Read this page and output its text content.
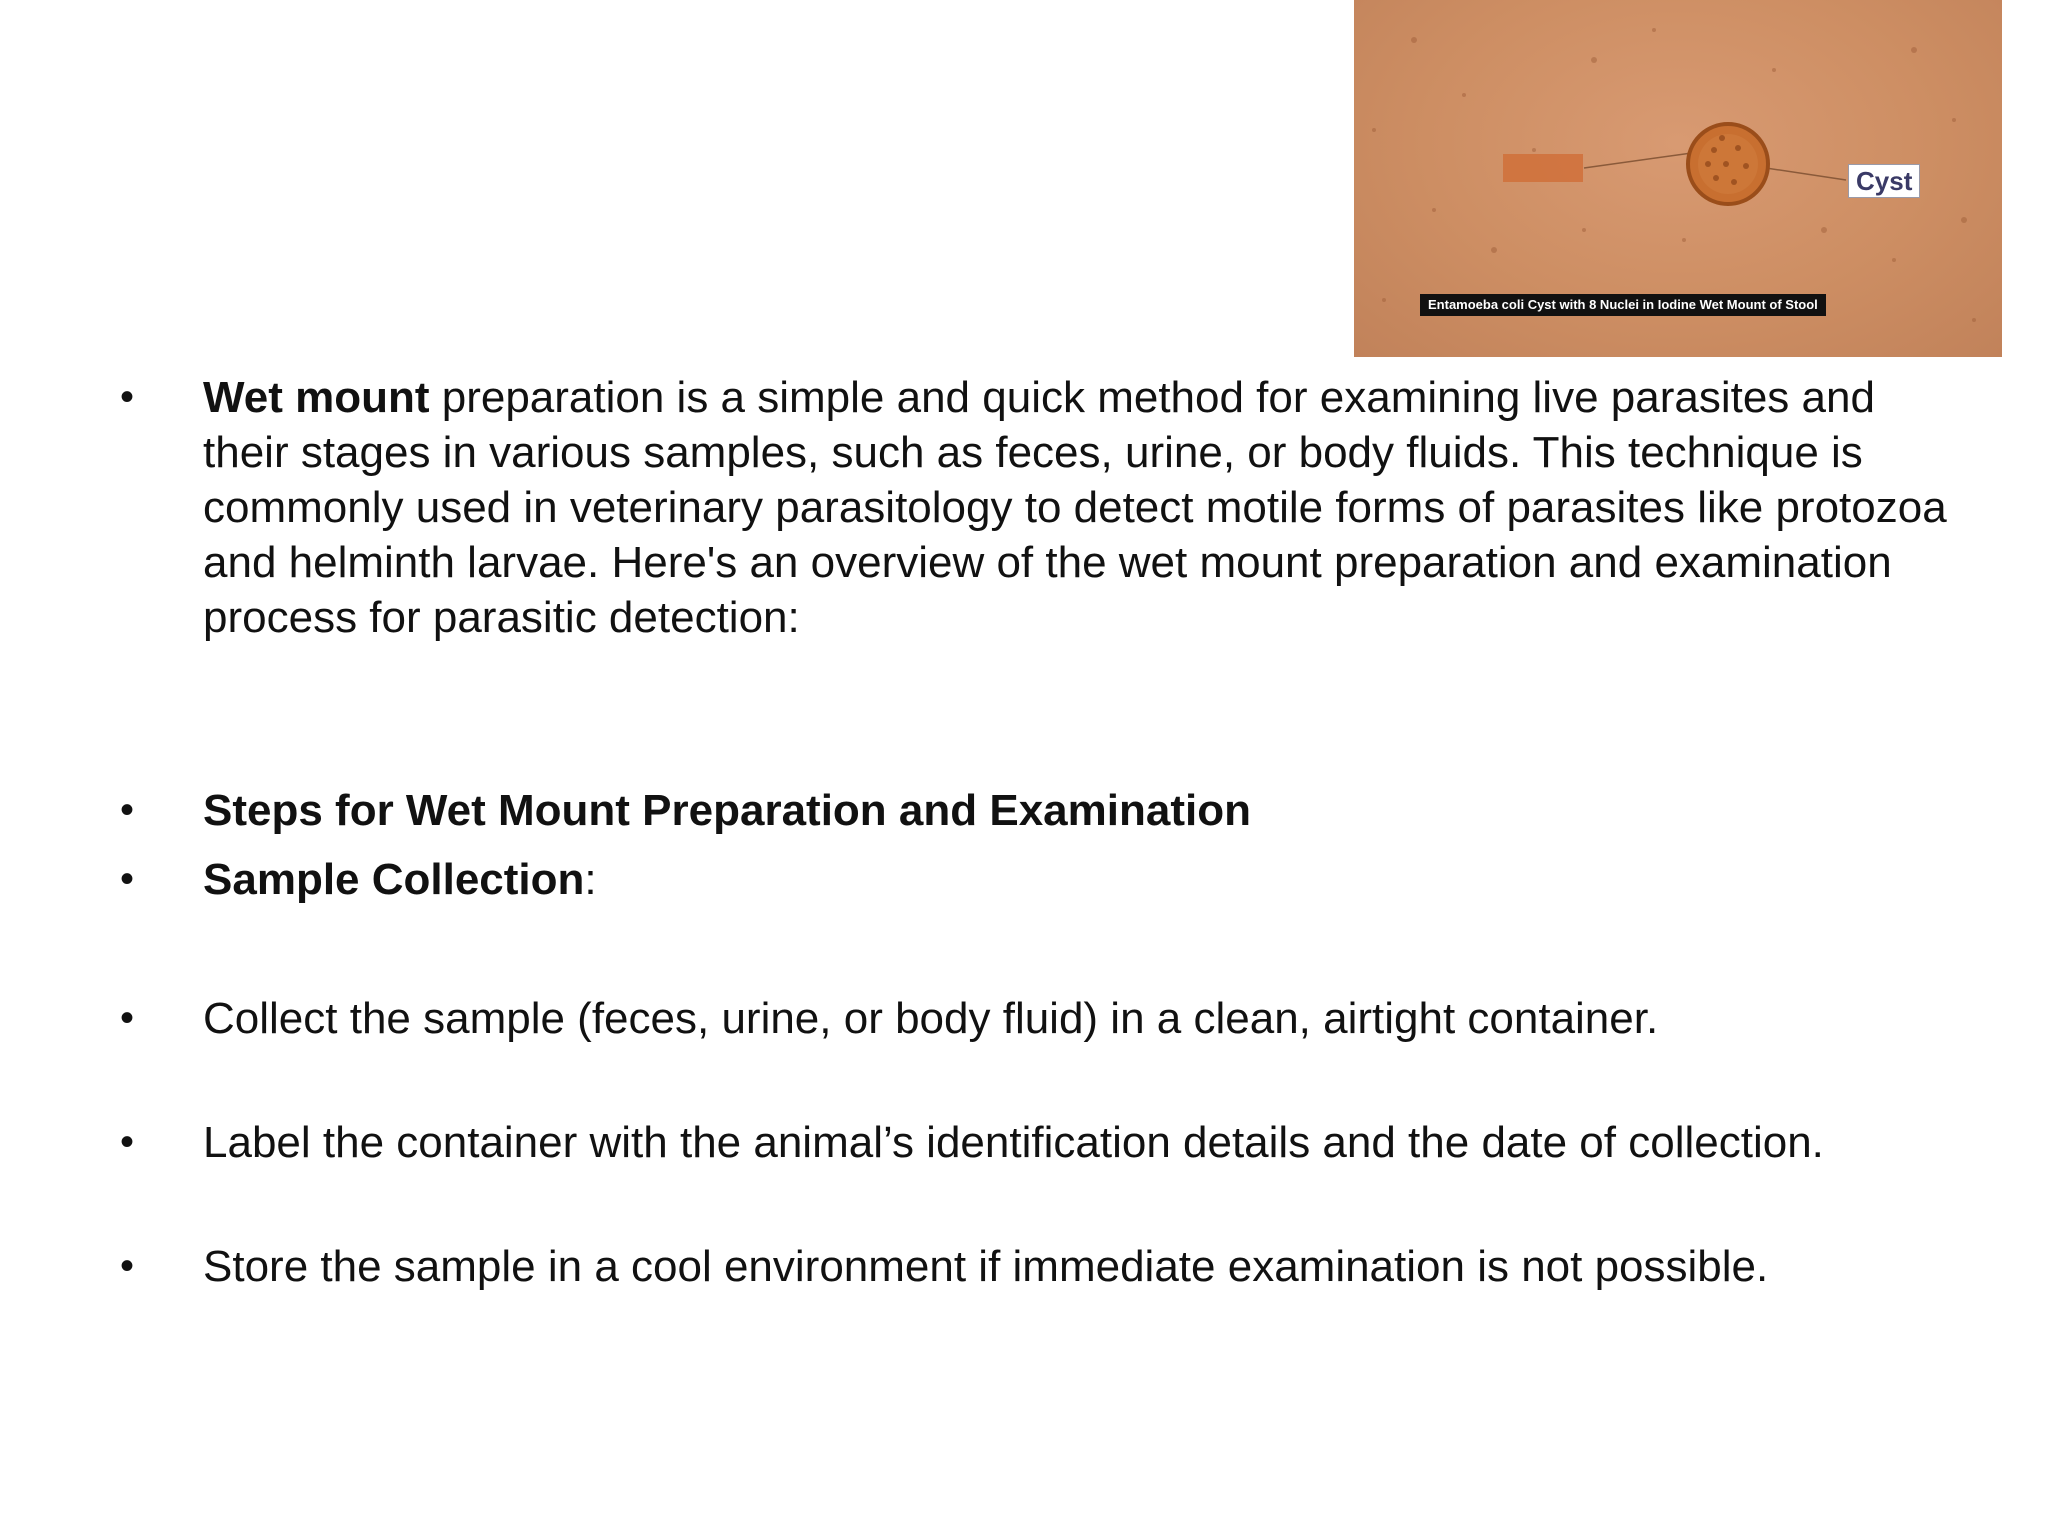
Cyst
Entamoeba coli Cyst with 8 Nuclei in Iodine Wet Mount of Stool
• Wet mount preparation is a simple and quick method for examining live parasites and their stages in various samples, such as feces, urine, or body fluids. This technique is commonly used in veterinary parasitology to detect motile forms of parasites like protozoa and helminth larvae. Here's an overview of the wet mount preparation and examination process for parasitic detection:
• Steps for Wet Mount Preparation and Examination
• Sample Collection:
• Collect the sample (feces, urine, or body fluid) in a clean, airtight container.
• Label the container with the animal’s identification details and the date of collection.
• Store the sample in a cool environment if immediate examination is not possible.
